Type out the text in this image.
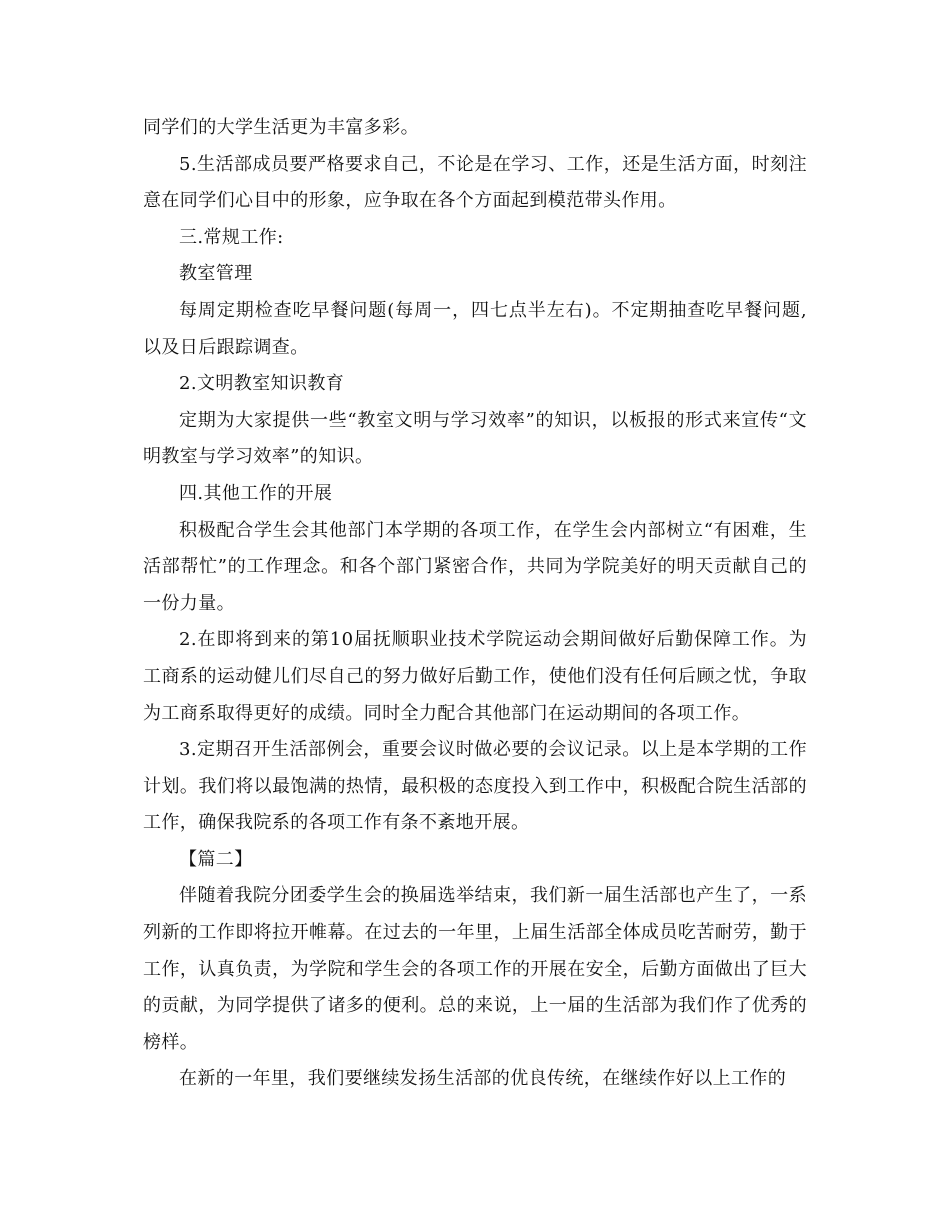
同学们的大学生活更为丰富多彩。

5.生活部成员要严格要求自己，不论是在学习、工作，还是生活方面，时刻注意在同学们心目中的形象，应争取在各个方面起到模范带头作用。

三.常规工作:

教室管理

每周定期检查吃早餐问题(每周一，四七点半左右)。不定期抽查吃早餐问题,以及日后跟踪调查。

2.文明教室知识教育

定期为大家提供一些“教室文明与学习效率”的知识，以板报的形式来宣传“文明教室与学习效率”的知识。

四.其他工作的开展

积极配合学生会其他部门本学期的各项工作，在学生会内部树立“有困难，生活部帮忙”的工作理念。和各个部门紧密合作，共同为学院美好的明天贡献自己的一份力量。

2.在即将到来的第10届抚顺职业技术学院运动会期间做好后勤保障工作。为工商系的运动健儿们尽自己的努力做好后勤工作，使他们没有任何后顾之忧，争取为工商系取得更好的成绩。同时全力配合其他部门在运动期间的各项工作。

3.定期召开生活部例会，重要会议时做必要的会议记录。以上是本学期的工作计划。我们将以最饱满的热情，最积极的态度投入到工作中，积极配合院生活部的工作，确保我院系的各项工作有条不紊地开展。

【篇二】

伴随着我院分团委学生会的换届选举结束，我们新一届生活部也产生了，一系列新的工作即将拉开帷幕。在过去的一年里，上届生活部全体成员吃苦耐劳，勤于工作，认真负责，为学院和学生会的各项工作的开展在安全，后勤方面做出了巨大的贡献，为同学提供了诸多的便利。总的来说，上一届的生活部为我们作了优秀的榜样。

在新的一年里，我们要继续发扬生活部的优良传统，在继续作好以上工作的
